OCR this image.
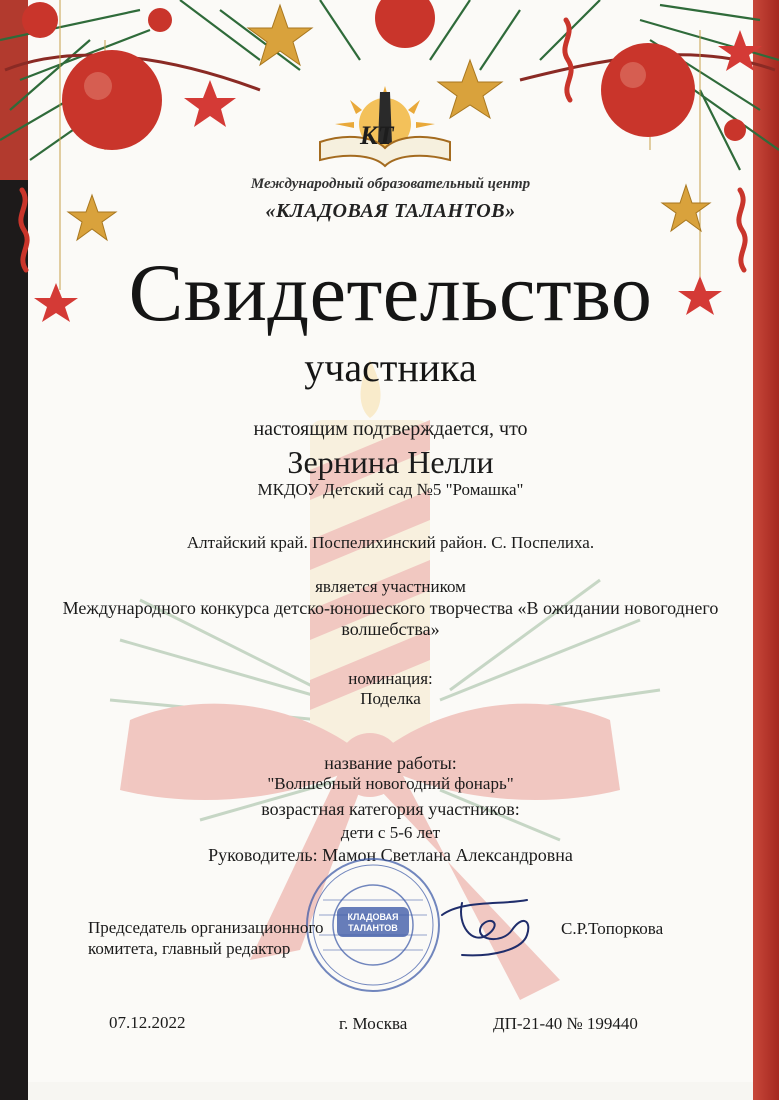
КТ
Международный образовательный центр
«КЛАДОВАЯ ТАЛАНТОВ»
Свидетельство
участника
настоящим подтверждается, что
Зернина Нелли
МКДОУ Детский сад №5 "Ромашка"
Алтайский край. Поспелихинский район. С. Поспелиха.
является участником
Международного конкурса детско-юношеского творчества «В ожидании новогоднего волшебства»
номинация:
Поделка
название работы:
"Волшебный новогодний фонарь"
возрастная категория участников:
дети с 5-6 лет
Руководитель: Мамон Светлана Александровна
КЛАДОВАЯ
ТАЛАНТОВ
Председатель организационного
комитета, главный редактор
С.Р.Топоркова
07.12.2022	г. Москва	ДП-21-40 № 199440
